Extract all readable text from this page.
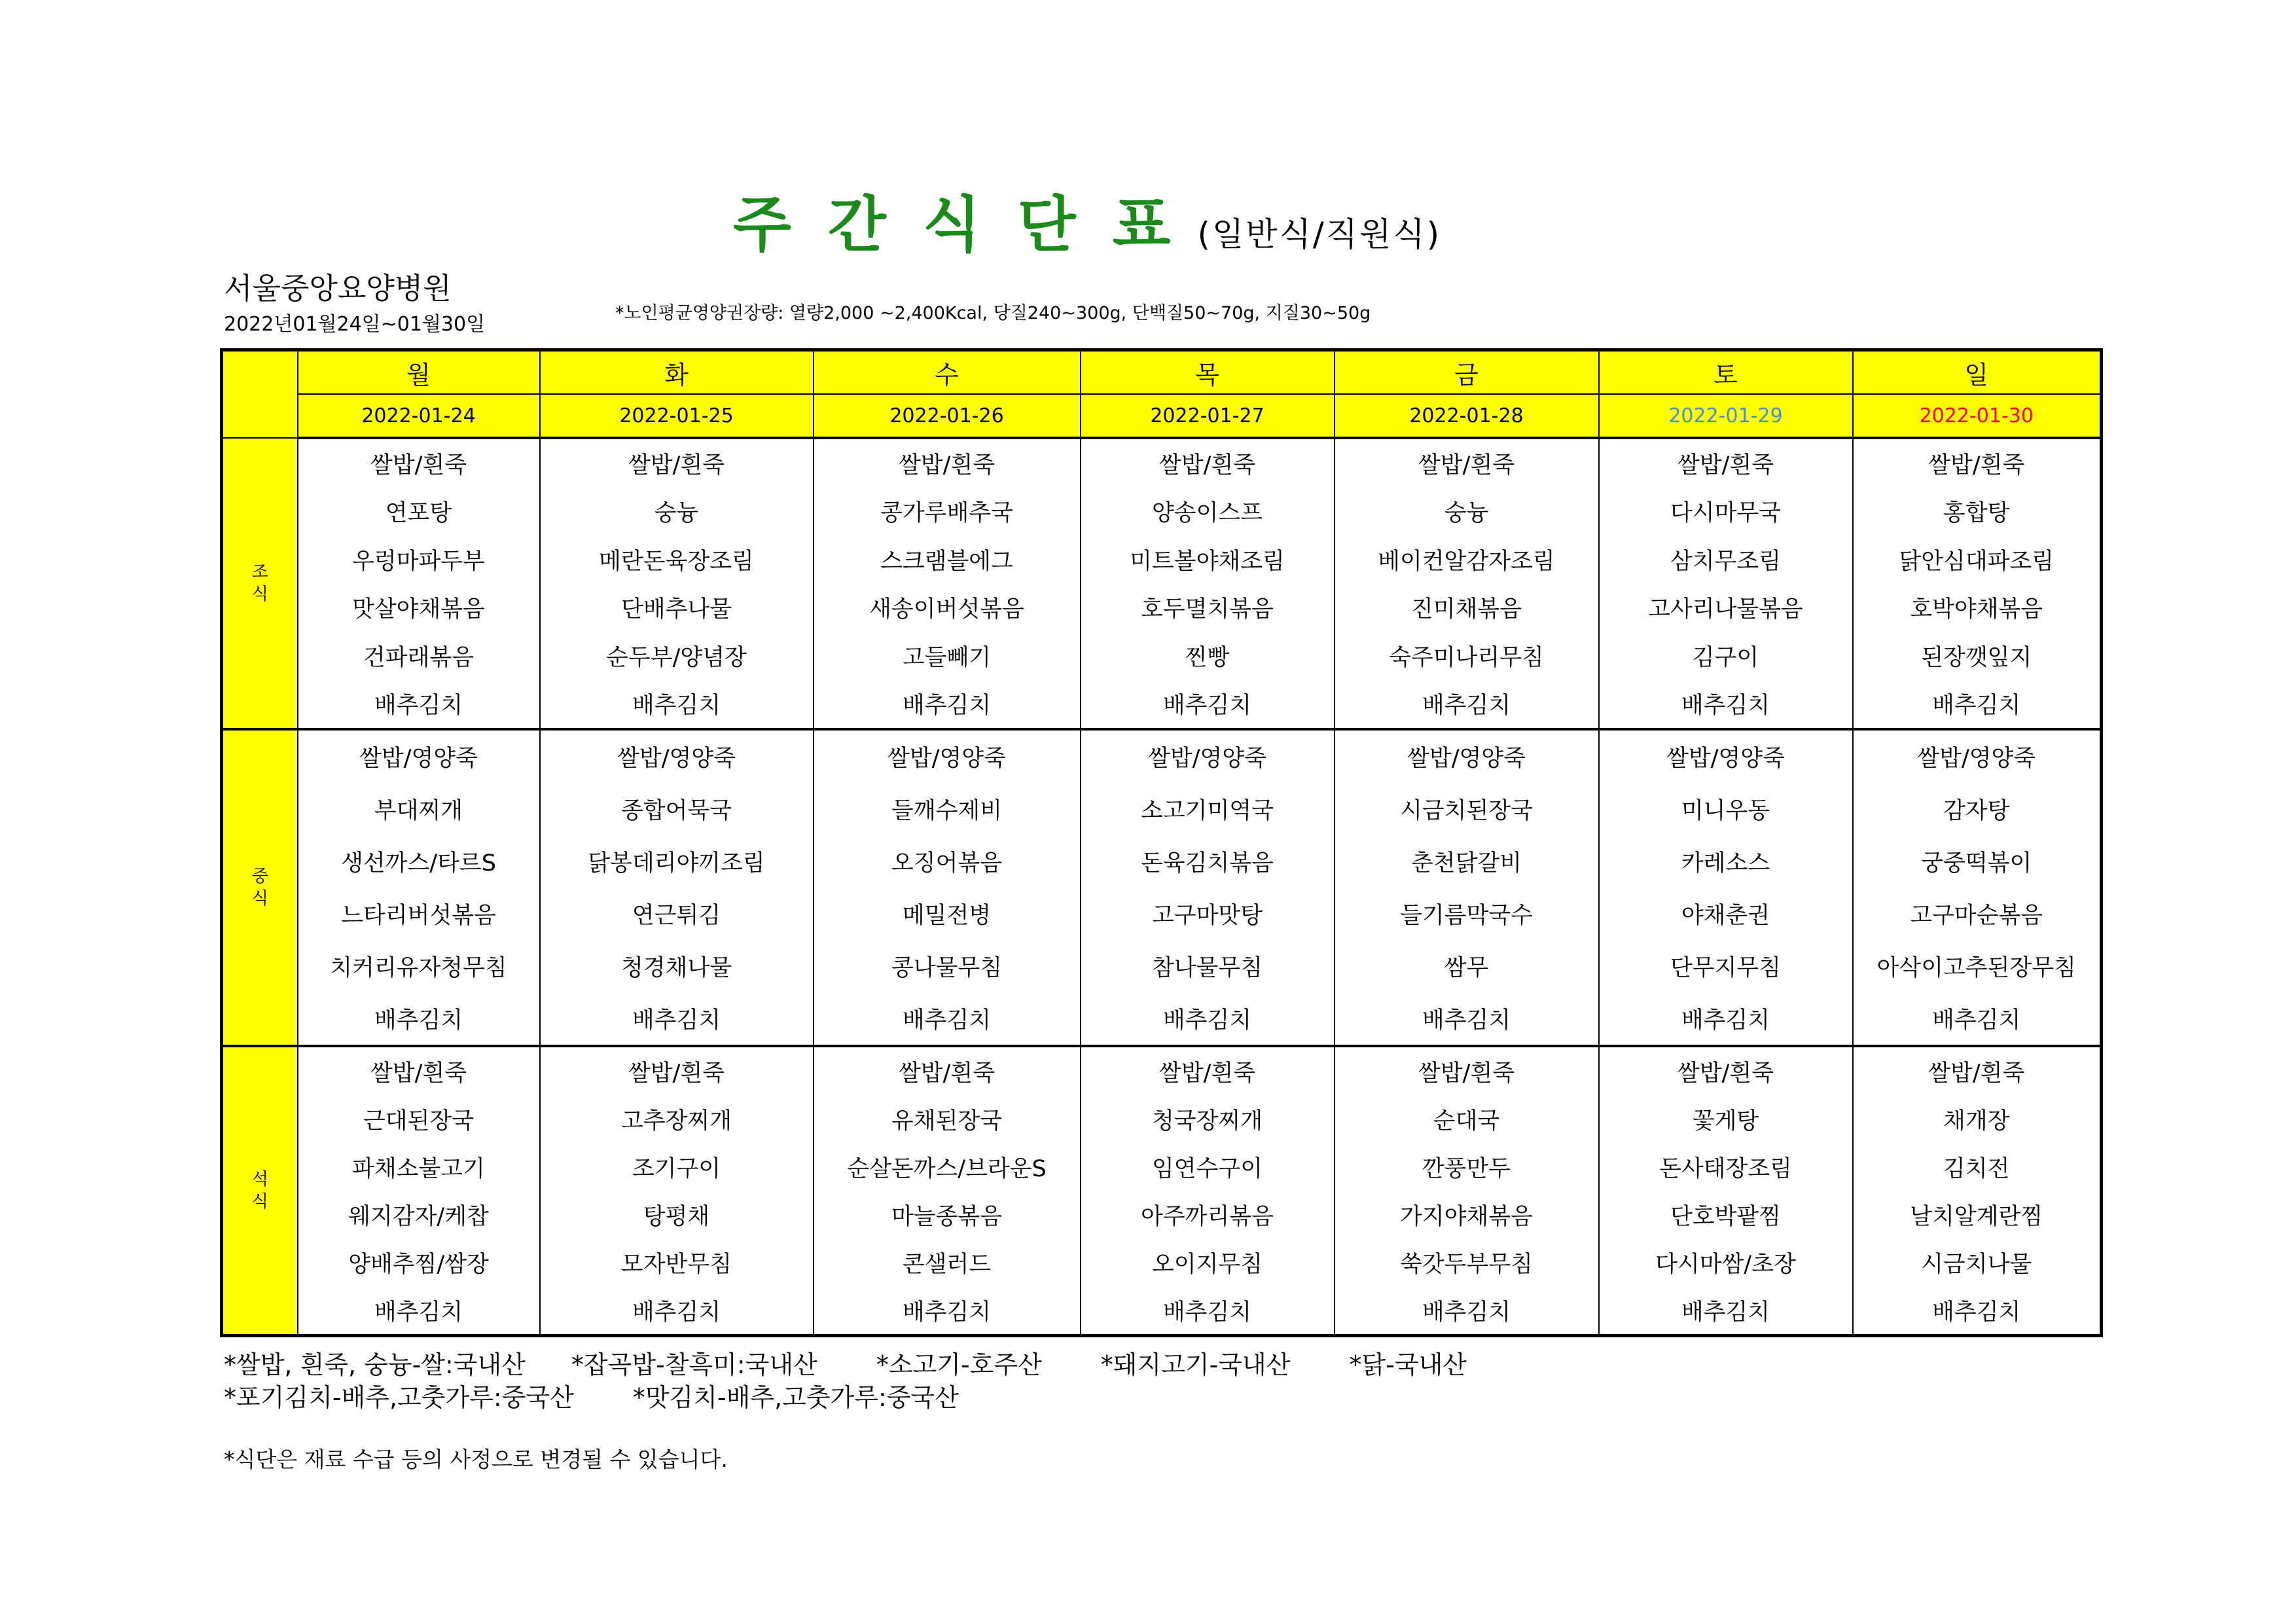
주간식단표 (일반식/직원식)
서울중앙요양병원
2022년01월24일~01월30일	*노인평균영양권장량: 열량2,000 ~2,400Kcal, 당질240~300g, 단백질50~70g, 지질30~50g
	월	화	수	목	금	토	일
	2022-01-24	2022-01-25	2022-01-26	2022-01-27	2022-01-28	2022-01-29	2022-01-30

조
식	쌀밥/흰죽	쌀밥/흰죽	쌀밥/흰죽	쌀밥/흰죽	쌀밥/흰죽	쌀밥/흰죽	쌀밥/흰죽
	연포탕	숭늉	콩가루배추국	양송이스프	숭늉	다시마무국	홍합탕
	우렁마파두부	메란돈육장조림	스크램블에그	미트볼야채조림	베이컨알감자조림	삼치무조림	닭안심대파조림
	맛살야채볶음	단배추나물	새송이버섯볶음	호두멸치볶음	진미채볶음	고사리나물볶음	호박야채볶음
	건파래볶음	순두부/양념장	고들빼기	찐빵	숙주미나리무침	김구이	된장깻잎지
	배추김치	배추김치	배추김치	배추김치	배추김치	배추김치	배추김치

중
식	쌀밥/영양죽	쌀밥/영양죽	쌀밥/영양죽	쌀밥/영양죽	쌀밥/영양죽	쌀밥/영양죽	쌀밥/영양죽
	부대찌개	종합어묵국	들깨수제비	소고기미역국	시금치된장국	미니우동	감자탕
	생선까스/타르S	닭봉데리야끼조림	오징어볶음	돈육김치볶음	춘천닭갈비	카레소스	궁중떡볶이
	느타리버섯볶음	연근튀김	메밀전병	고구마맛탕	들기름막국수	야채춘권	고구마순볶음
	치커리유자청무침	청경채나물	콩나물무침	참나물무침	쌈무	단무지무침	아삭이고추된장무침
	배추김치	배추김치	배추김치	배추김치	배추김치	배추김치	배추김치

석
식	쌀밥/흰죽	쌀밥/흰죽	쌀밥/흰죽	쌀밥/흰죽	쌀밥/흰죽	쌀밥/흰죽	쌀밥/흰죽
	근대된장국	고추장찌개	유채된장국	청국장찌개	순대국	꽃게탕	채개장
	파채소불고기	조기구이	순살돈까스/브라운S	임연수구이	깐풍만두	돈사태장조림	김치전
	웨지감자/케찹	탕평채	마늘종볶음	아주까리볶음	가지야채볶음	단호박팥찜	날치알계란찜
	양배추찜/쌈장	모자반무침	콘샐러드	오이지무침	쑥갓두부무침	다시마쌈/초장	시금치나물
	배추김치	배추김치	배추김치	배추김치	배추김치	배추김치	배추김치
*쌀밥, 흰죽, 숭늉-쌀:국내산 *잡곡밥-찰흑미:국내산 *소고기-호주산 *돼지고기-국내산 *닭-국내산
*포기김치-배추,고춧가루:중국산 *맛김치-배추,고춧가루:중국산
*식단은 재료 수급 등의 사정으로 변경될 수 있습니다.
